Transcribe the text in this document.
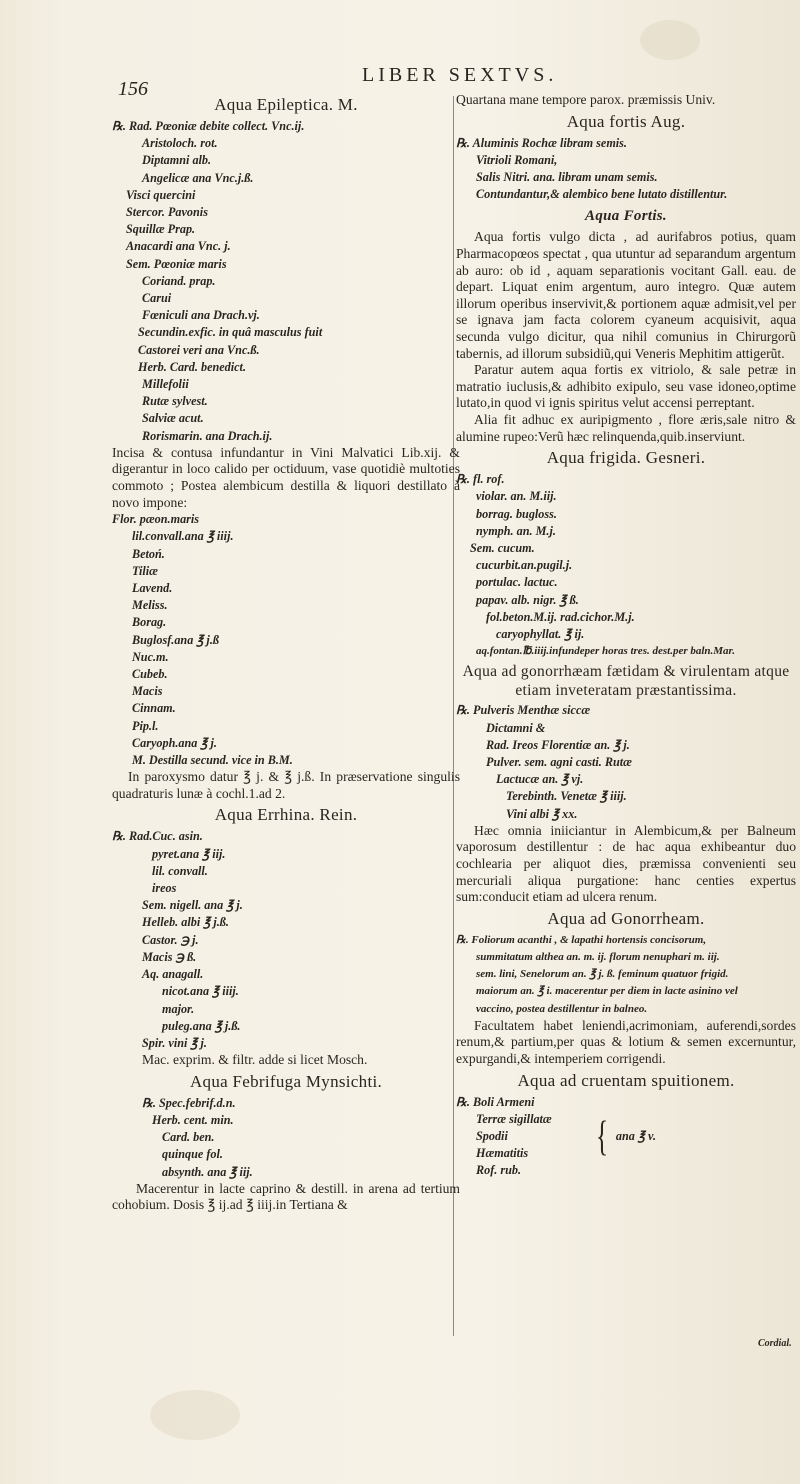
156
LIBER SEXTVS.
Aqua Epileptica. M.
℞. Rad. Pœoniæ debite collect. Vnc.ij.
Aristoloch. rot.
Diptamni alb.
Angelicæ ana Vnc.j.ß.
Visci quercini
Stercor. Pavonis
Squillæ Prap.
Anacardi ana Vnc. j.
Sem. Pœoniæ maris
Coriand. prap.
Carui
Fœniculi ana Drach.vj.
Secundin.exfic. in quâ masculus fuit
Castorei veri ana Vnc.ß.
Herb. Card. benedict.
Millefolii
Rutæ sylvest.
Salviæ acut.
Rorismarin. ana Drach.ij.

Incisa & contusa infundantur in Vini Malvatici Lib.xij. & digerantur in loco calido per octiduum, vase quotidiè multoties commoto ; Postea alembicum destilla & liquori destillato à novo impone:

Flor. pæon.maris
lil.convall.ana ℥ iiij.
Betoń.
Tiliæ
Lavend.
Meliss.
Borag.
Buglosf.ana ℥ j.ß
Nuc.m.
Cubeb.
Macis
Cinnam.
Pip.l.
Caryoph.ana ℥ j.
M. Destilla secund. vice in B.M.

In paroxysmo datur ℥ j. & ℥ j.ß. In præservatione singulis quadraturis lunæ à cochl.1.ad 2.

Aqua Errhina. Rein.
℞. Rad.Cuc. asin.
pyret.ana ℥ iij.
lil. convall.
ireos
Sem. nigell. ana ℥ j.
Helleb. albi ℥ j.ß.
Castor. ℈ j.
Macis ℈ ß.
Aq. anagall.
nicot.ana ℥ iiij.
major.
puleg.ana ℥ j.ß.
Spir. vini ℥ j.

Mac. exprim. & filtr. adde si licet Mosch.

Aqua Febrifuga Mynsichti.
℞. Spec.febrif.d.n.
Herb. cent. min.
Card. ben.
quinque fol.
absynth. ana ℥ iij.

Macerentur in lacte caprino & destill. in arena ad tertium cohobium. Dosis ℥ ij.ad ℥ iiij.in Tertiana &

Quartana mane tempore parox. præmissis Univ.

Aqua fortis Aug.
℞. Aluminis Rochæ libram semis.
Vitrioli Romani,
Salis Nitri. ana. libram unam semis.
Contundantur,& alembico bene lutato distillentur.
Aqua Fortis.

Aqua fortis vulgo dicta , ad aurifabros potius, quam Pharmacopœos spectat , qua utuntur ad separandum argentum ab auro: ob id , aquam separationis vocitant Gall. eau. de depart. Liquat enim argentum, auro integro. Quæ autem illorum operibus inservivit,& portionem aquæ admisit,vel per se ignava jam facta colorem cyaneum acquisivit, aqua secunda vulgo dicitur, qua nihil comunius in Chirurgorũ tabernis, ad illorum subsidiũ,qui Veneris Mephitim attigerũt.

Paratur autem aqua fortis ex vitriolo, & sale petræ in matratio iuclusis,& adhibito exipulo, seu vase idoneo,optime lutato,in quod vi ignis spiritus velut accensi perreptant.

Alia fit adhuc ex auripigmento , flore æris,sale nitro & alumine rupeo:Verũ hæc relinquenda,quib.inserviunt.

Aqua frigida. Gesneri.
℞. fl. rof.
violar. an. M.iij.
borrag. bugloss.
nymph. an. M.j.
Sem. cucum.
cucurbit.an.pugil.j.
portulac. lactuc.
papav. alb. nigr. ℥ ß.
fol.beton.M.ij. rad.cichor.M.j.
caryophyllat. ℥ ij.
aq.fontan.℔.iiij.infundeper horas tres. dest.per baln.Mar.
Aqua ad gonorrhæam fætidam & virulentam atque etiam inveteratam præstantissima.
℞. Pulveris Menthæ siccæ
Dictamni &
Rad. Ireos Florentiæ an. ℥ j.
Pulver. sem. agni casti. Rutæ
Lactucæ an. ℥ vj.
Terebinth. Venetæ ℥ iiij.
Vini albi ℥ xx.

Hæc omnia iniiciantur in Alembicum,& per Balneum vaporosum destillentur : de hac aqua exhibeantur duo cochlearia per aliquot dies, præmissa convenienti seu mercuriali aliqua purgatione: hanc centies expertus sum:conducit etiam ad ulcera renum.

Aqua ad Gonorrheam.
℞. Foliorum acanthi , & lapathi hortensis concisorum,
summitatum althea an. m. ij. florum nenuphari m. iij.
sem. lini, Senelorum an. ℥ j. ß. feminum quatuor frigid.
maiorum an. ℥ i. macerentur per diem in lacte asinino vel
vaccino, postea destillentur in balneo.

Facultatem habet leniendi,acrimoniam, auferendi,sordes renum,& partium,per quas & lotium & semen excernuntur, expurgandi,& intemperiem corrigendi.

Aqua ad cruentam spuitionem.
℞. Boli Armeni
Terræ sigillatæ
Spodii
Hæmatitis
Rof. rub.
{ ana ℥ v.
Cordial.
